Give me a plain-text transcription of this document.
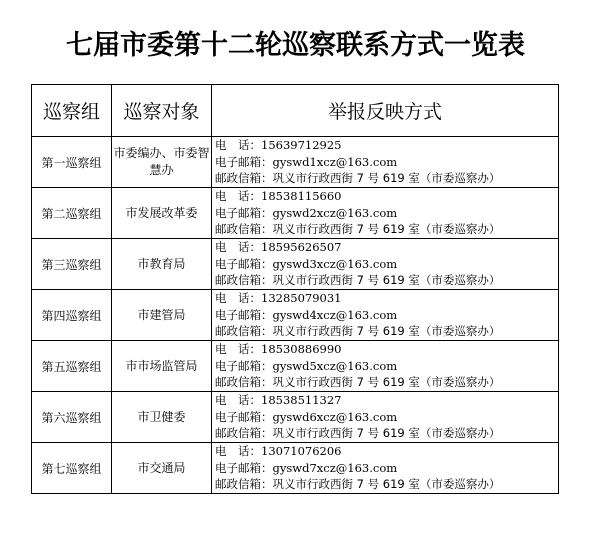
七届市委第十二轮巡察联系方式一览表
巡察组	巡察对象	举报反映方式
第一巡察组	市委编办、市委智慧办	电　话：15639712925
电子邮箱：gyswd1xcz@163.com
邮政信箱：巩义市行政西街 7 号 619 室（市委巡察办）

第二巡察组	市发展改革委	电　话：18538115660
电子邮箱：gyswd2xcz@163.com
邮政信箱：巩义市行政西街 7 号 619 室（市委巡察办）

第三巡察组	市教育局	电　话：18595626507
电子邮箱：gyswd3xcz@163.com
邮政信箱：巩义市行政西街 7 号 619 室（市委巡察办）

第四巡察组	市建管局	电　话：13285079031
电子邮箱：gyswd4xcz@163.com
邮政信箱：巩义市行政西街 7 号 619 室（市委巡察办）

第五巡察组	市市场监管局	电　话：18530886990
电子邮箱：gyswd5xcz@163.com
邮政信箱：巩义市行政西街 7 号 619 室（市委巡察办）

第六巡察组	市卫健委	电　话：18538511327
电子邮箱：gyswd6xcz@163.com
邮政信箱：巩义市行政西街 7 号 619 室（市委巡察办）

第七巡察组	市交通局	电　话：13071076206
电子邮箱：gyswd7xcz@163.com
邮政信箱：巩义市行政西街 7 号 619 室（市委巡察办）
